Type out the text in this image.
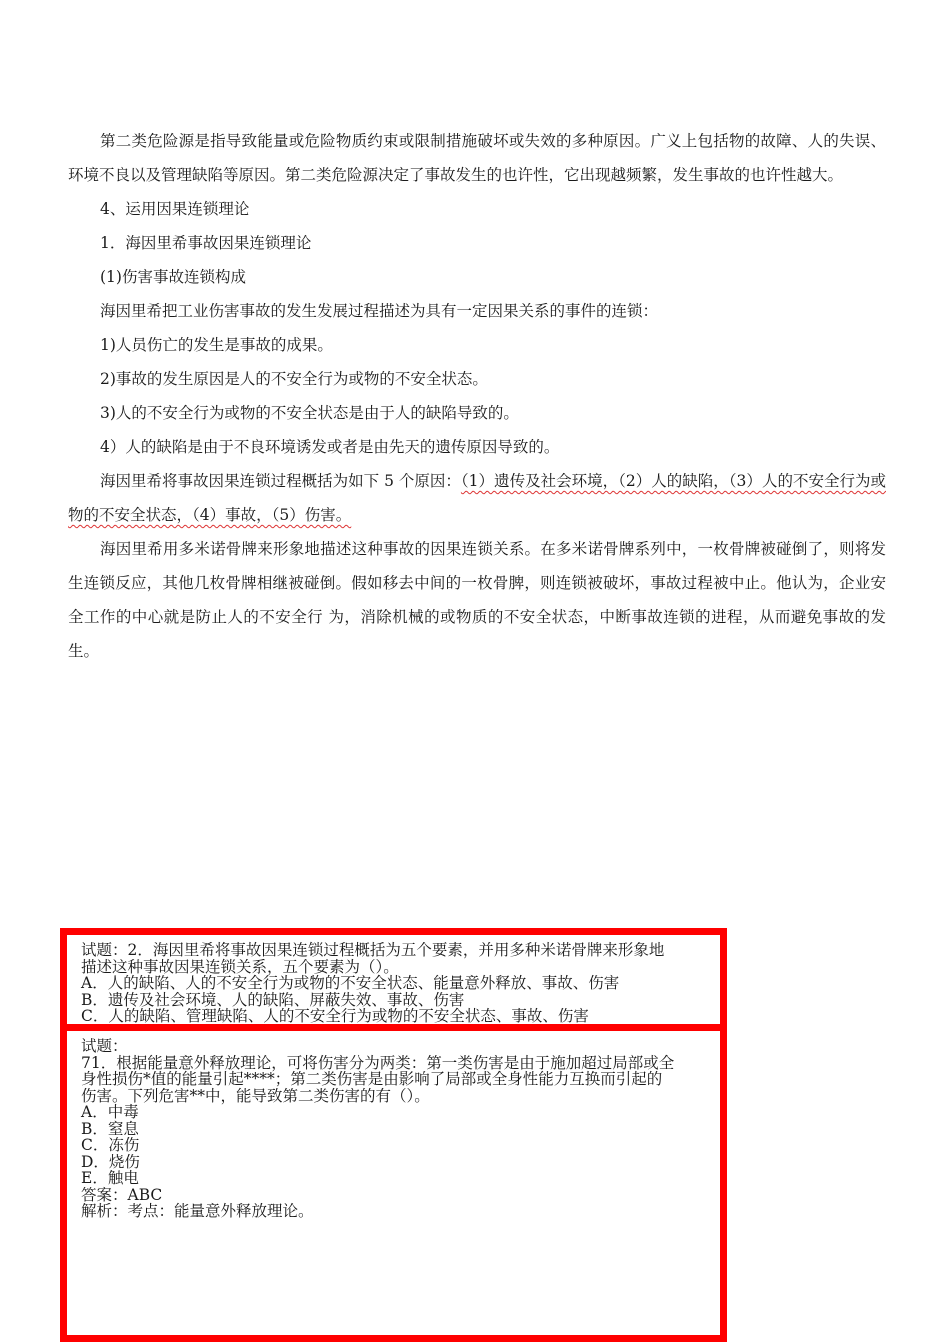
第二类危险源是指导致能量或危险物质约束或限制措施破坏或失效的多种原因。广义上包括物的故障、人的失误、环境不良以及管理缺陷等原因。第二类危险源决定了事故发生的也许性，它出现越频繁，发生事故的也许性越大。

4、运用因果连锁理论

1．海因里希事故因果连锁理论

(1)伤害事故连锁构成

海因里希把工业伤害事故的发生发展过程描述为具有一定因果关系的事件的连锁：

1)人员伤亡的发生是事故的成果。

2)事故的发生原因是人的不安全行为或物的不安全状态。

3)人的不安全行为或物的不安全状态是由于人的缺陷导致的。

4）人的缺陷是由于不良环境诱发或者是由先天的遗传原因导致的。

海因里希将事故因果连锁过程概括为如下 5 个原因：（1）遗传及社会环境，（2）人的缺陷，（3）人的不安全行为或物的不安全状态，（4）事故，（5）伤害。

海因里希用多米诺骨牌来形象地描述这种事故的因果连锁关系。在多米诺骨牌系列中，一枚骨牌被碰倒了，则将发生连锁反应，其他几枚骨牌相继被碰倒。假如移去中间的一枚骨脾，则连锁被破坏，事故过程被中止。他认为，企业安全工作的中心就是防止人的不安全行 为，消除机械的或物质的不安全状态，中断事故连锁的进程，从而避免事故的发生。

试题：2．海因里希将事故因果连锁过程概括为五个要素，并用多种米诺骨牌来形象地
描述这种事故因果连锁关系，五个要素为（）。
A．人的缺陷、人的不安全行为或物的不安全状态、能量意外释放、事故、伤害
B．遗传及社会环境、人的缺陷、屏蔽失效、事故、伤害
C．人的缺陷、管理缺陷、人的不安全行为或物的不安全状态、事故、伤害
试题：
71．根据能量意外释放理论，可将伤害分为两类：第一类伤害是由于施加超过局部或全
身性损伤*值的能量引起****；第二类伤害是由影响了局部或全身性能力互换而引起的
伤害。下列危害**中，能导致第二类伤害的有（）。
A．中毒
B．窒息
C．冻伤
D．烧伤
E．触电
答案：ABC
解析：考点：能量意外释放理论。
